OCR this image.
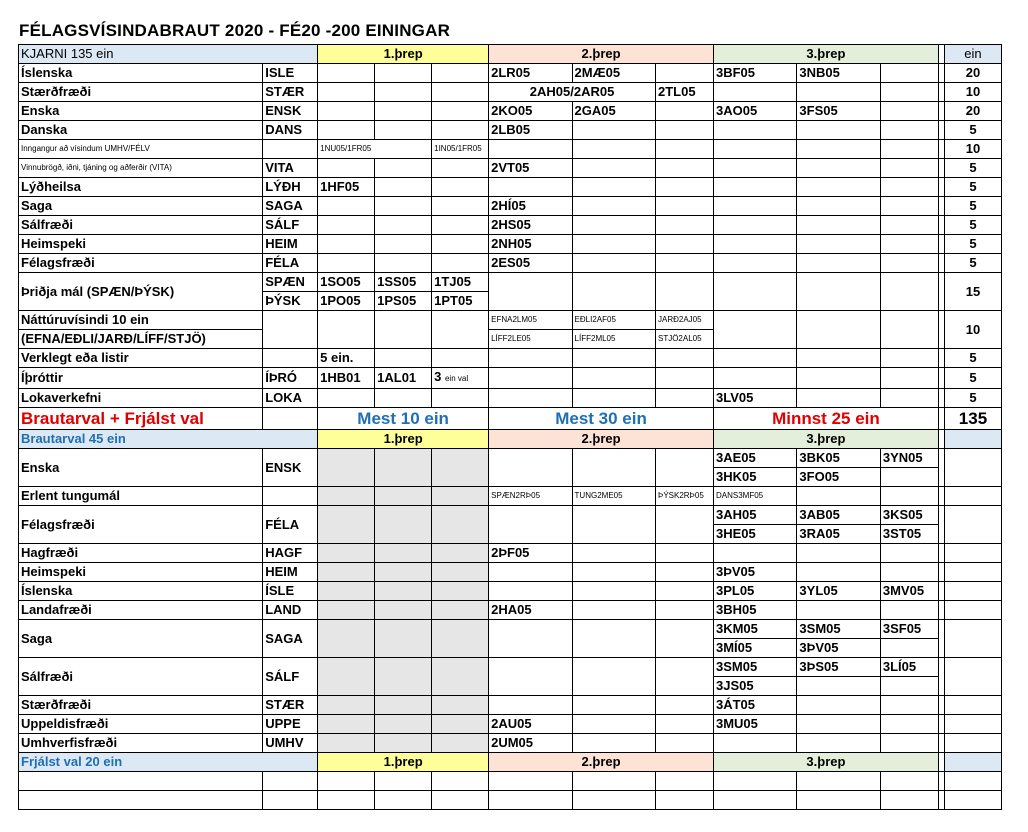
FÉLAGSVÍSINDABRAUT 2020 - FÉ20 -200 EININGAR
KJARNI 135 ein		1.þrep			2.þrep			3.þrep				ein
Íslenska	ISLE				2LR05	2MÆ05		3BF05	3NB05			20
Stærðfræði	STÆR				2AH05/2AR05		2TL05					10
Enska	ENSK				2KO05	2GA05		3AO05	3FS05			20
Danska	DANS				2LB05							5
Inngangur að vísindum UMHV/FÉLV		1NU05/1FR05		1IN05/1FR05								10
Vinnubrögð, iðni, tjáning og aðferðir (VITA)	VITA				2VT05							5
Lýðheilsa	LÝÐH	1HF05										5
Saga	SAGA				2HÍ05							5
Sálfræði	SÁLF				2HS05							5
Heimspeki	HEIM				2NH05							5
Félagsfræði	FÉLA				2ES05							5
Þriðja mál (SPÆN/ÞÝSK)	SPÆN	1SO05	1SS05	1TJ05								15
	ÞÝSK	1PO05	1PS05	1PT05								
Náttúruvísindi 10 ein					EFNA2LM05	EÐLI2AF05	JARÐ2AJ05					10
(EFNA/EÐLI/JARÐ/LÍFF/STJÖ)					LÍFF2LE05	LÍFF2ML05	STJÖ2AL05					
Verklegt eða listir		5 ein.										5
Íþróttir	ÍÞRÓ	1HB01	1AL01	3 ein val								5
Lokaverkefni	LOKA							3LV05				5
Brautarval + Frjálst val		Mest 10 ein			Mest 30 ein			Minnst 25 ein				135
Brautarval 45 ein		1.þrep			2.þrep			3.þrep				
Enska	ENSK							3AE05	3BK05	3YN05		
								3HK05	3FO05			
Erlent tungumál					SPÆN2RÞ05	TUNG2ME05	ÞÝSK2RÞ05	DANS3MF05				
Félagsfræði	FÉLA							3AH05	3AB05	3KS05		
								3HE05	3RA05	3ST05		
Hagfræði	HAGF				2ÞF05							
Heimspeki	HEIM							3ÞV05				
Íslenska	ÍSLE							3PL05	3YL05	3MV05		
Landafræði	LAND				2HA05			3BH05				
Saga	SAGA							3KM05	3SM05	3SF05		
								3MÍ05	3ÞV05			
Sálfræði	SÁLF							3SM05	3ÞS05	3LÍ05		
								3JS05				
Stærðfræði	STÆR							3ÁT05				
Uppeldisfræði	UPPE				2AU05			3MU05				
Umhverfisfræði	UMHV				2UM05							
Frjálst val 20 ein		1.þrep			2.þrep			3.þrep				
